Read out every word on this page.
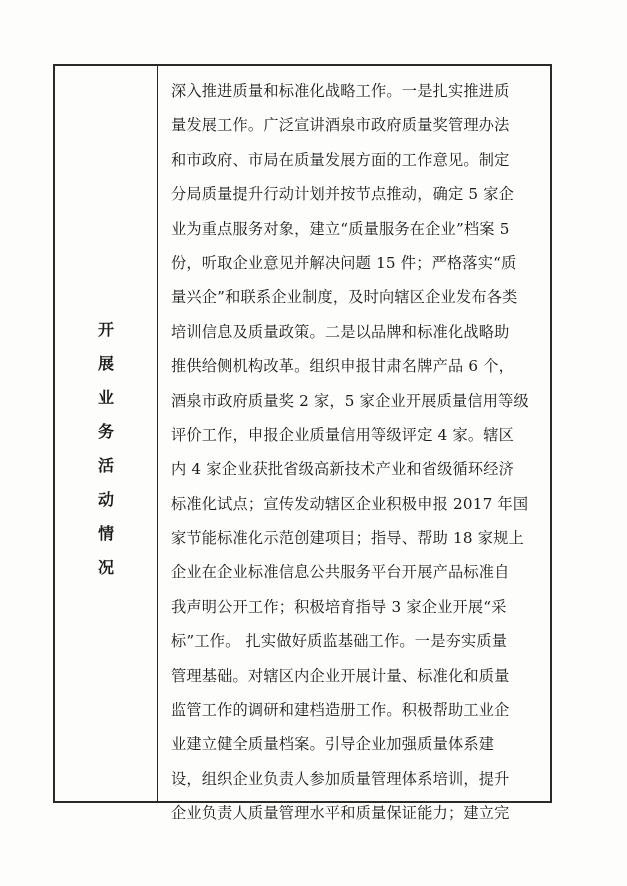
开
展
业
务
活
动
情
况
深入推进质量和标准化战略工作。一是扎实推进质
量发展工作。广泛宣讲酒泉市政府质量奖管理办法
和市政府、市局在质量发展方面的工作意见。制定
分局质量提升行动计划并按节点推动，确定 5 家企
业为重点服务对象，建立“质量服务在企业”档案 5
份，听取企业意见并解决问题 15 件；严格落实“质
量兴企”和联系企业制度，及时向辖区企业发布各类
培训信息及质量政策。二是以品牌和标准化战略助
推供给侧机构改革。组织申报甘肃名牌产品 6 个，
酒泉市政府质量奖 2 家，5 家企业开展质量信用等级
评价工作，申报企业质量信用等级评定 4 家。辖区
内 4 家企业获批省级高新技术产业和省级循环经济
标准化试点；宣传发动辖区企业积极申报 2017 年国
家节能标准化示范创建项目；指导、帮助 18 家规上
企业在企业标准信息公共服务平台开展产品标准自
我声明公开工作；积极培育指导 3 家企业开展“采
标”工作。 扎实做好质监基础工作。一是夯实质量
管理基础。对辖区内企业开展计量、标准化和质量
监管工作的调研和建档造册工作。积极帮助工业企
业建立健全质量档案。引导企业加强质量体系建
设，组织企业负责人参加质量管理体系培训，提升
企业负责人质量管理水平和质量保证能力；建立完
